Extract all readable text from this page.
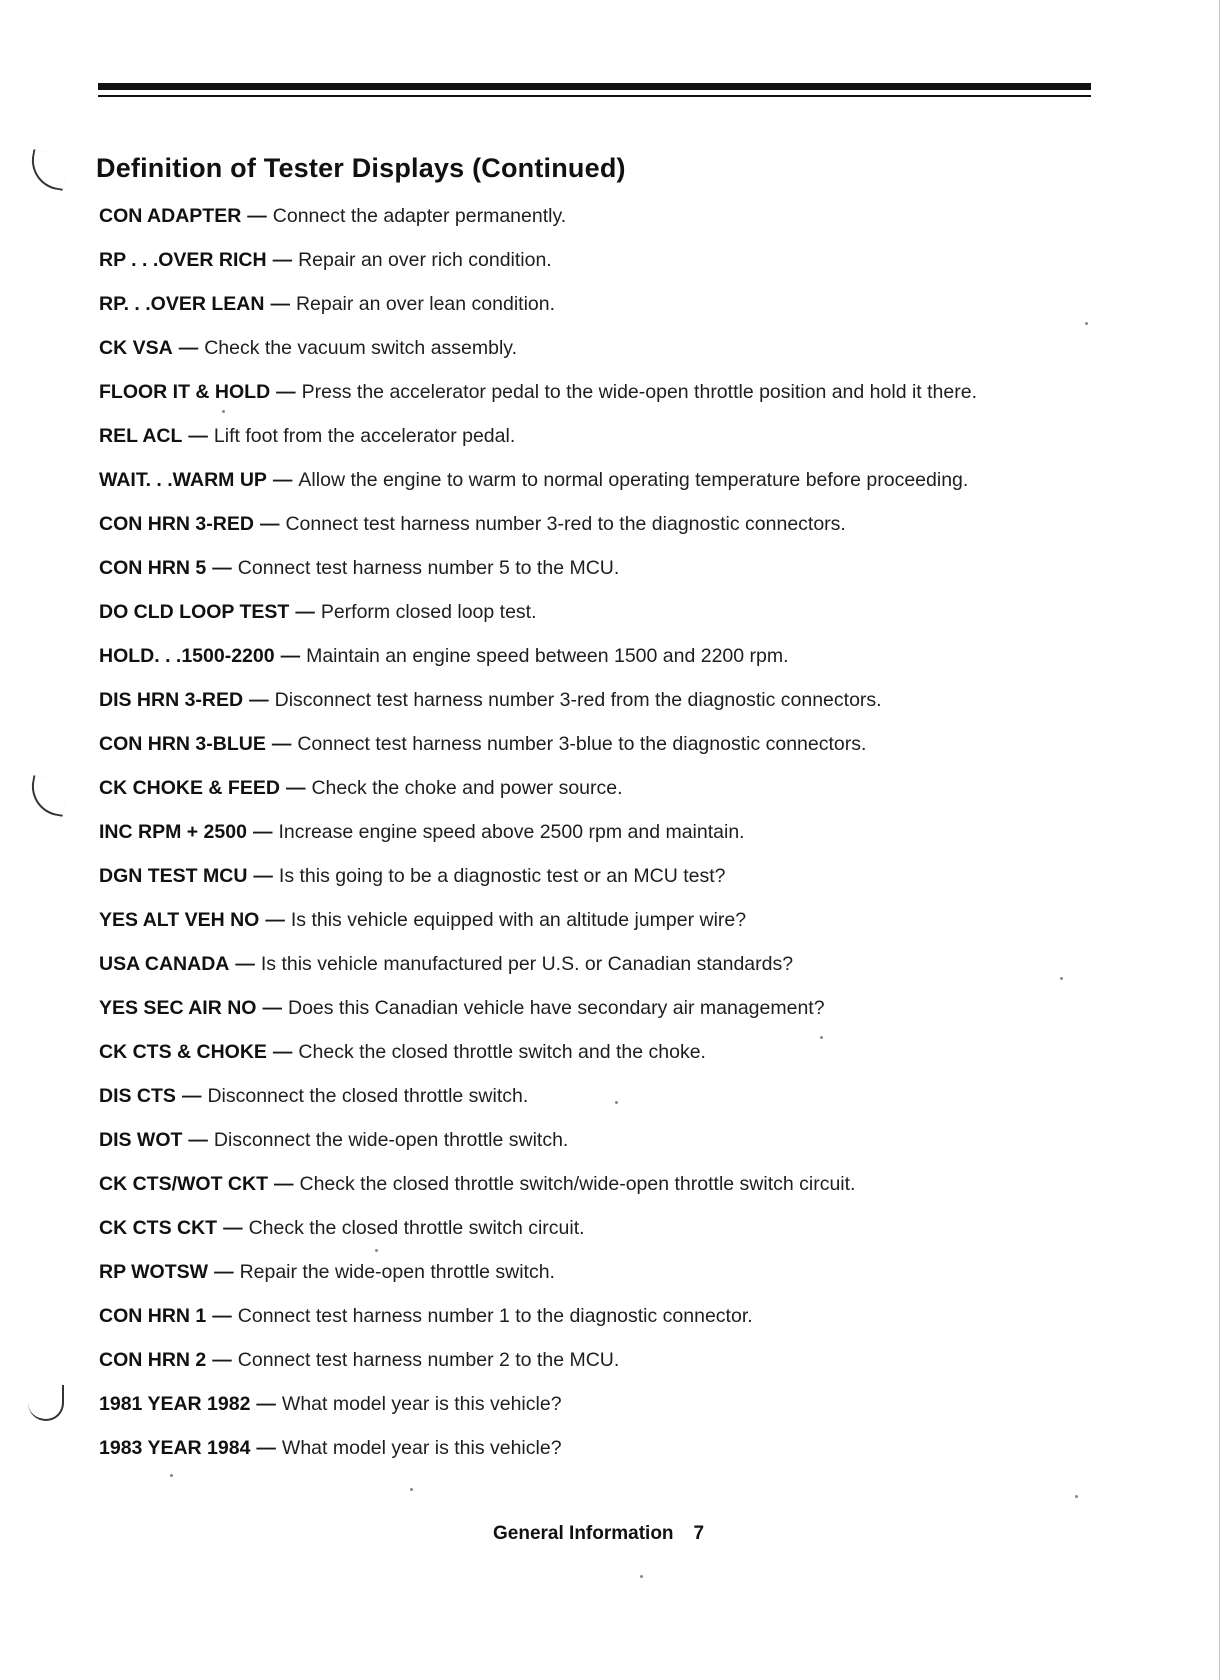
Definition of Tester Displays (Continued)
CON ADAPTER — Connect the adapter permanently.
RP . . .OVER RICH — Repair an over rich condition.
RP. . .OVER LEAN — Repair an over lean condition.
CK VSA — Check the vacuum switch assembly.
FLOOR IT & HOLD — Press the accelerator pedal to the wide-open throttle position and hold it there.
REL ACL — Lift foot from the accelerator pedal.
WAIT. . .WARM UP — Allow the engine to warm to normal operating temperature before proceeding.
CON HRN 3-RED — Connect test harness number 3-red to the diagnostic connectors.
CON HRN 5 — Connect test harness number 5 to the MCU.
DO CLD LOOP TEST — Perform closed loop test.
HOLD. . .1500-2200 — Maintain an engine speed between 1500 and 2200 rpm.
DIS HRN 3-RED — Disconnect test harness number 3-red from the diagnostic connectors.
CON HRN 3-BLUE — Connect test harness number 3-blue to the diagnostic connectors.
CK CHOKE & FEED — Check the choke and power source.
INC RPM + 2500 — Increase engine speed above 2500 rpm and maintain.
DGN TEST MCU — Is this going to be a diagnostic test or an MCU test?
YES ALT VEH NO — Is this vehicle equipped with an altitude jumper wire?
USA CANADA — Is this vehicle manufactured per U.S. or Canadian standards?
YES SEC AIR NO — Does this Canadian vehicle have secondary air management?
CK CTS & CHOKE — Check the closed throttle switch and the choke.
DIS CTS — Disconnect the closed throttle switch.
DIS WOT — Disconnect the wide-open throttle switch.
CK CTS/WOT CKT — Check the closed throttle switch/wide-open throttle switch circuit.
CK CTS CKT — Check the closed throttle switch circuit.
RP WOTSW — Repair the wide-open throttle switch.
CON HRN 1 — Connect test harness number 1 to the diagnostic connector.
CON HRN 2 — Connect test harness number 2 to the MCU.
1981 YEAR 1982 — What model year is this vehicle?
1983 YEAR 1984 — What model year is this vehicle?
General Information 7
